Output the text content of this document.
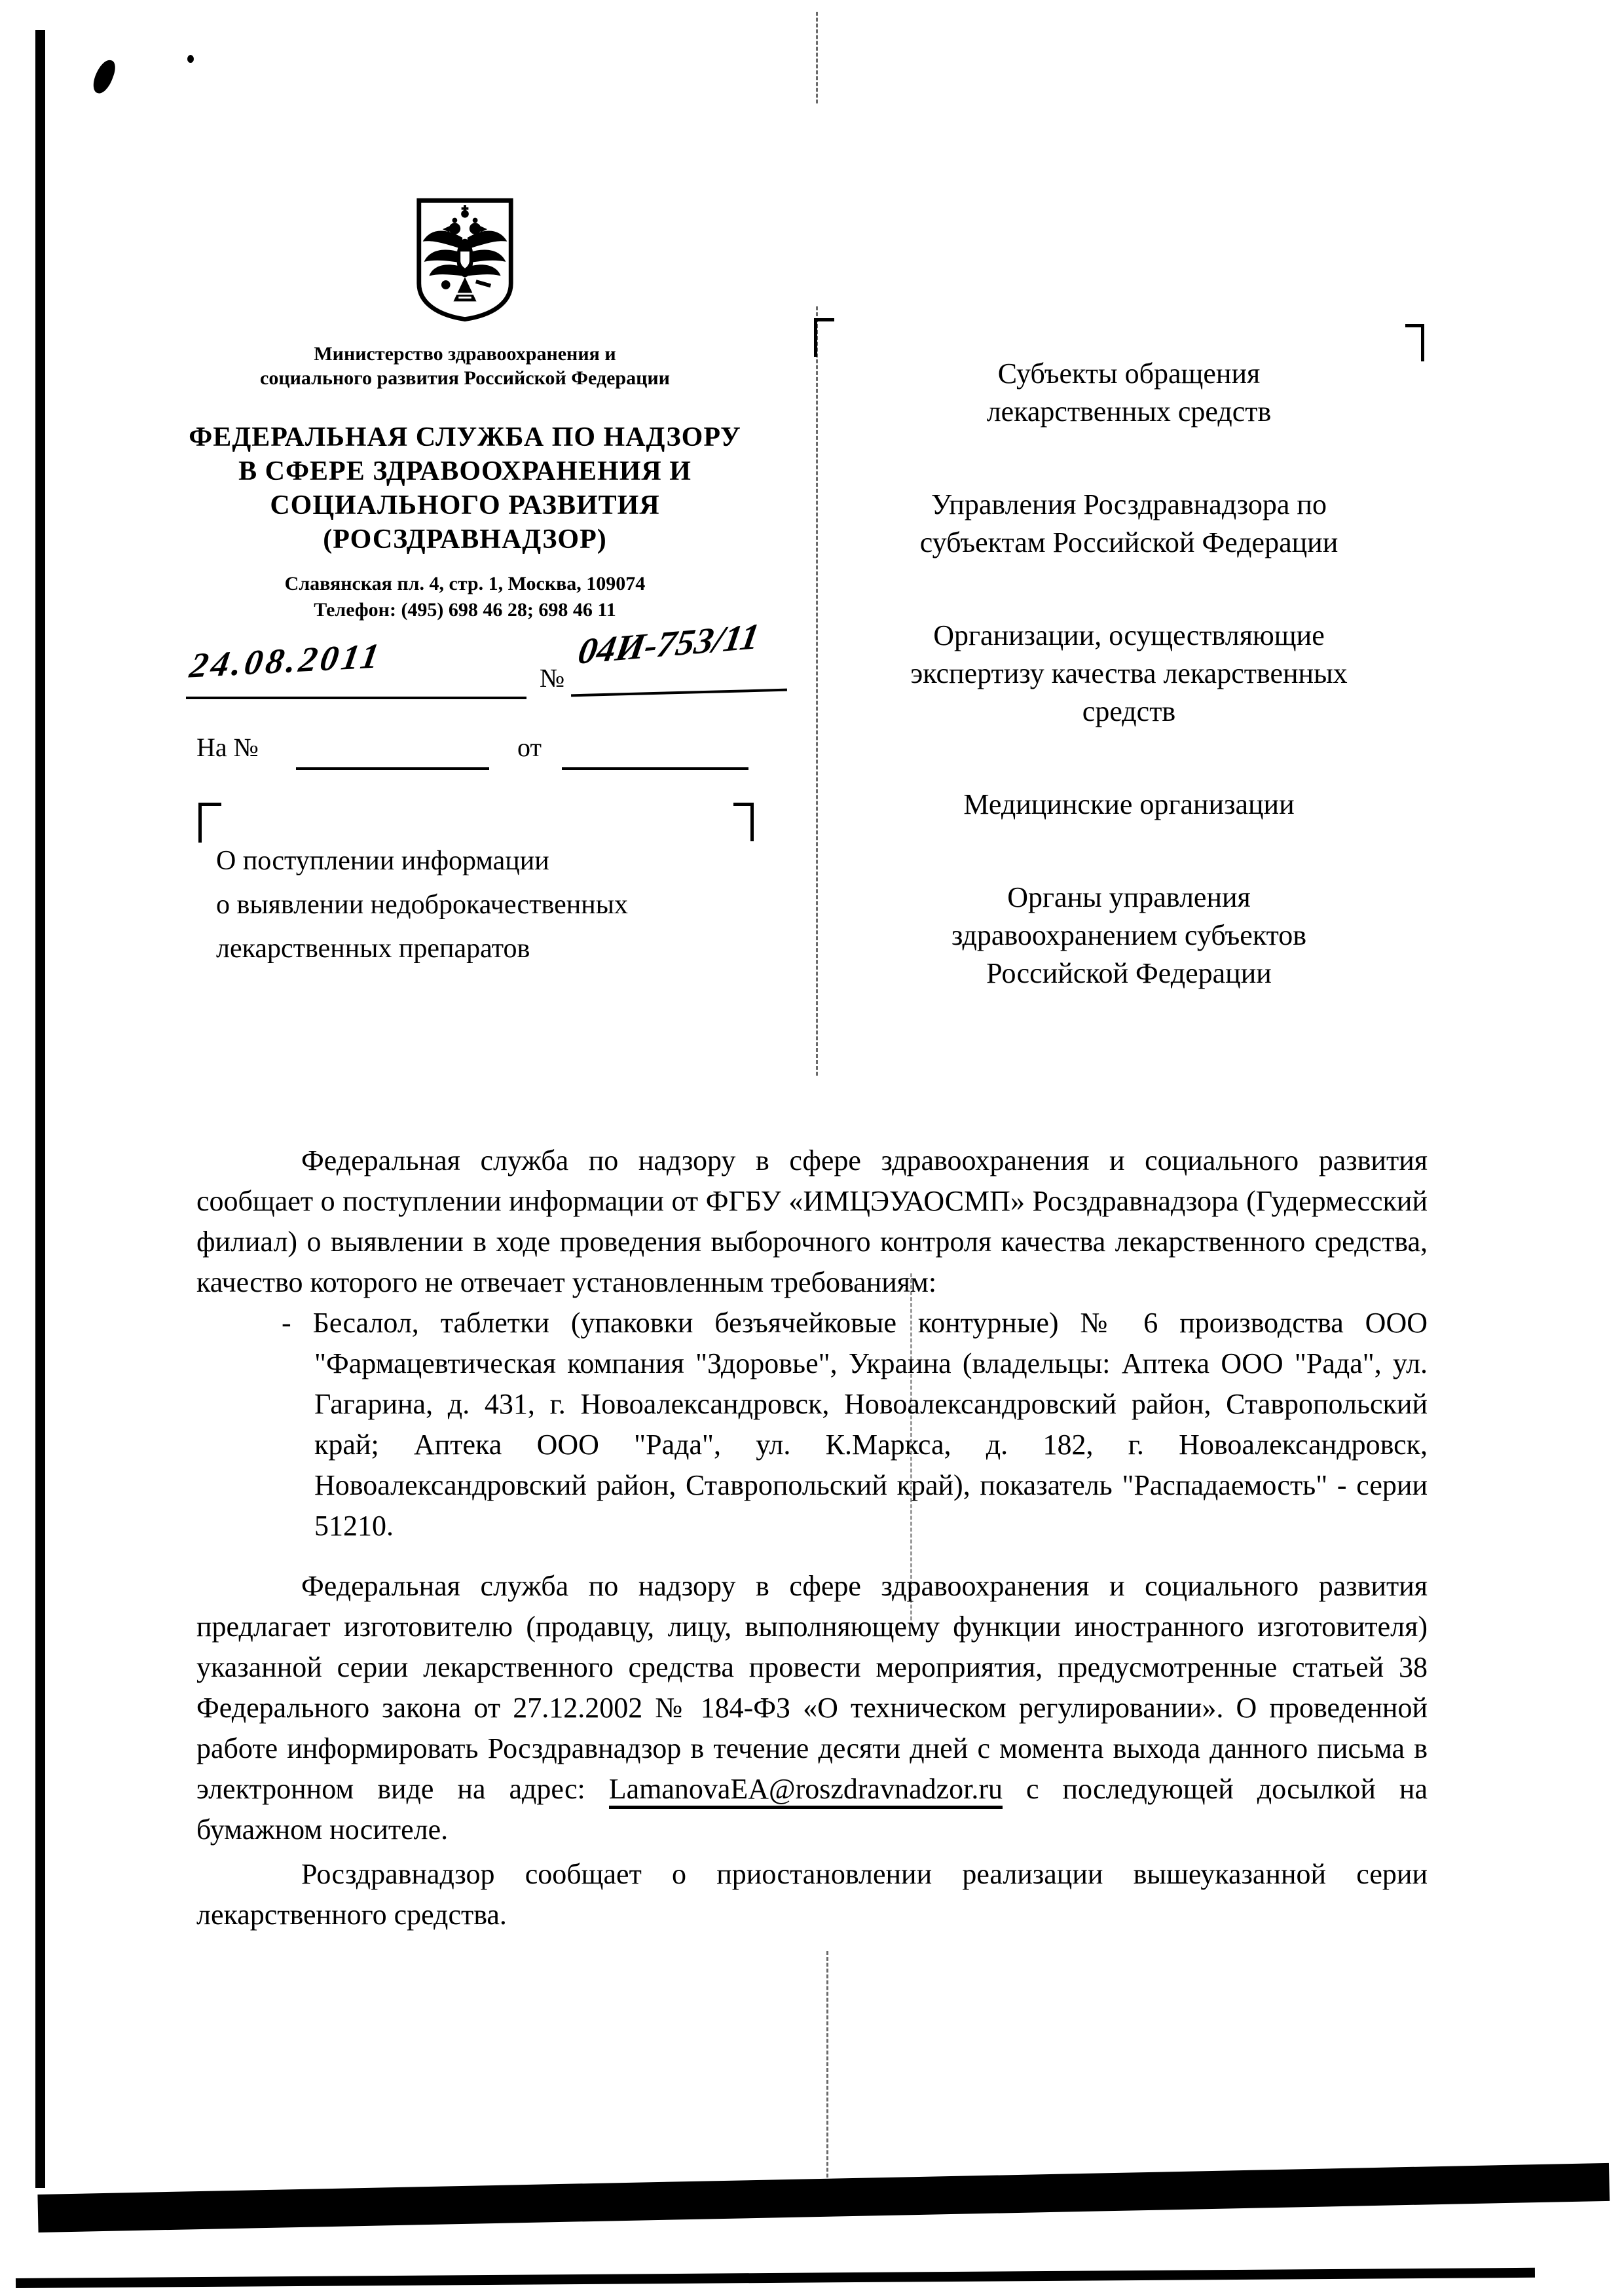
Министерство здравоохранения и
социального развития Российской Федерации
ФЕДЕРАЛЬНАЯ СЛУЖБА ПО НАДЗОРУ
В СФЕРЕ ЗДРАВООХРАНЕНИЯ И
СОЦИАЛЬНОГО РАЗВИТИЯ
(РОСЗДРАВНАДЗОР)
Славянская пл. 4, стр. 1, Москва, 109074
Телефон: (495) 698 46 28; 698 46 11
24.08.2011	№
04И-753/11
На №	от
О поступлении информации
о выявлении недоброкачественных
лекарственных препаратов
Субъекты обращения
лекарственных средств
Управления Росздравнадзора по
субъектам Российской Федерации
Организации, осуществляющие
экспертизу качества лекарственных
средств
Медицинские организации
Органы управления
здравоохранением субъектов
Российской Федерации

Федеральная служба по надзору в сфере здравоохранения и социального развития сообщает о поступлении информации от ФГБУ «ИМЦЭУАОСМП» Росздравнадзора (Гудермесский филиал) о выявлении в ходе проведения выборочного контроля качества лекарственного средства, качество которого не отвечает установленным требованиям:

- Бесалол, таблетки (упаковки безъячейковые контурные) № 6 производства ООО "Фармацевтическая компания "Здоровье", Украина (владельцы: Аптека ООО "Рада", ул. Гагарина, д. 431, г. Новоалександровск, Новоалександровский район, Ставропольский край; Аптека ООО "Рада", ул. К.Маркса, д. 182, г. Новоалександровск, Новоалександровский район, Ставропольский край), показатель "Распадаемость" - серии 51210.

Федеральная служба по надзору в сфере здравоохранения и социального развития предлагает изготовителю (продавцу, лицу, выполняющему функции иностранного изготовителя) указанной серии лекарственного средства провести мероприятия, предусмотренные статьей 38 Федерального закона от 27.12.2002 № 184-ФЗ «О техническом регулировании». О проведенной работе информировать Росздравнадзор в течение десяти дней с момента выхода данного письма в электронном виде на адрес: LamanovaEA@roszdravnadzor.ru с последующей досылкой на бумажном носителе.

Росздравнадзор сообщает о приостановлении реализации вышеуказанной серии лекарственного средства.
